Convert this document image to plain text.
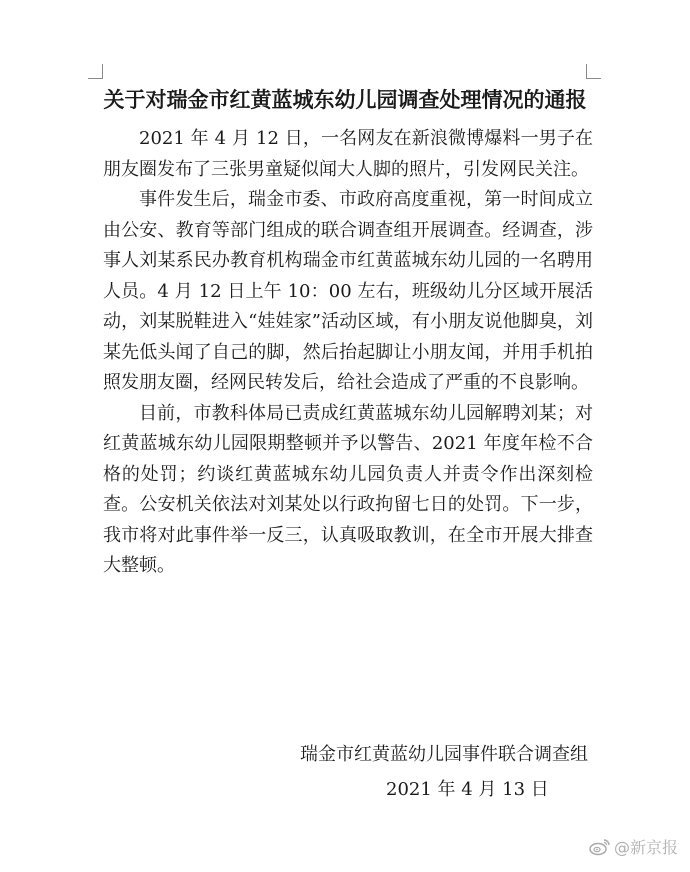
关于对瑞金市红黄蓝城东幼儿园调查处理情况的通报

2021 年 4 月 12 日，一名网友在新浪微博爆料一男子在朋友圈发布了三张男童疑似闻大人脚的照片，引发网民关注。

事件发生后，瑞金市委、市政府高度重视，第一时间成立由公安、教育等部门组成的联合调查组开展调查。经调查，涉事人刘某系民办教育机构瑞金市红黄蓝城东幼儿园的一名聘用人员。4 月 12 日上午 10：00 左右，班级幼儿分区域开展活动，刘某脱鞋进入“娃娃家”活动区域，有小朋友说他脚臭，刘某先低头闻了自己的脚，然后抬起脚让小朋友闻，并用手机拍照发朋友圈，经网民转发后，给社会造成了严重的不良影响。

目前，市教科体局已责成红黄蓝城东幼儿园解聘刘某；对红黄蓝城东幼儿园限期整顿并予以警告、2021 年度年检不合格的处罚；约谈红黄蓝城东幼儿园负责人并责令作出深刻检查。公安机关依法对刘某处以行政拘留七日的处罚。下一步，我市将对此事件举一反三，认真吸取教训，在全市开展大排查大整顿。

瑞金市红黄蓝幼儿园事件联合调查组
2021 年 4 月 13 日
@新京报
